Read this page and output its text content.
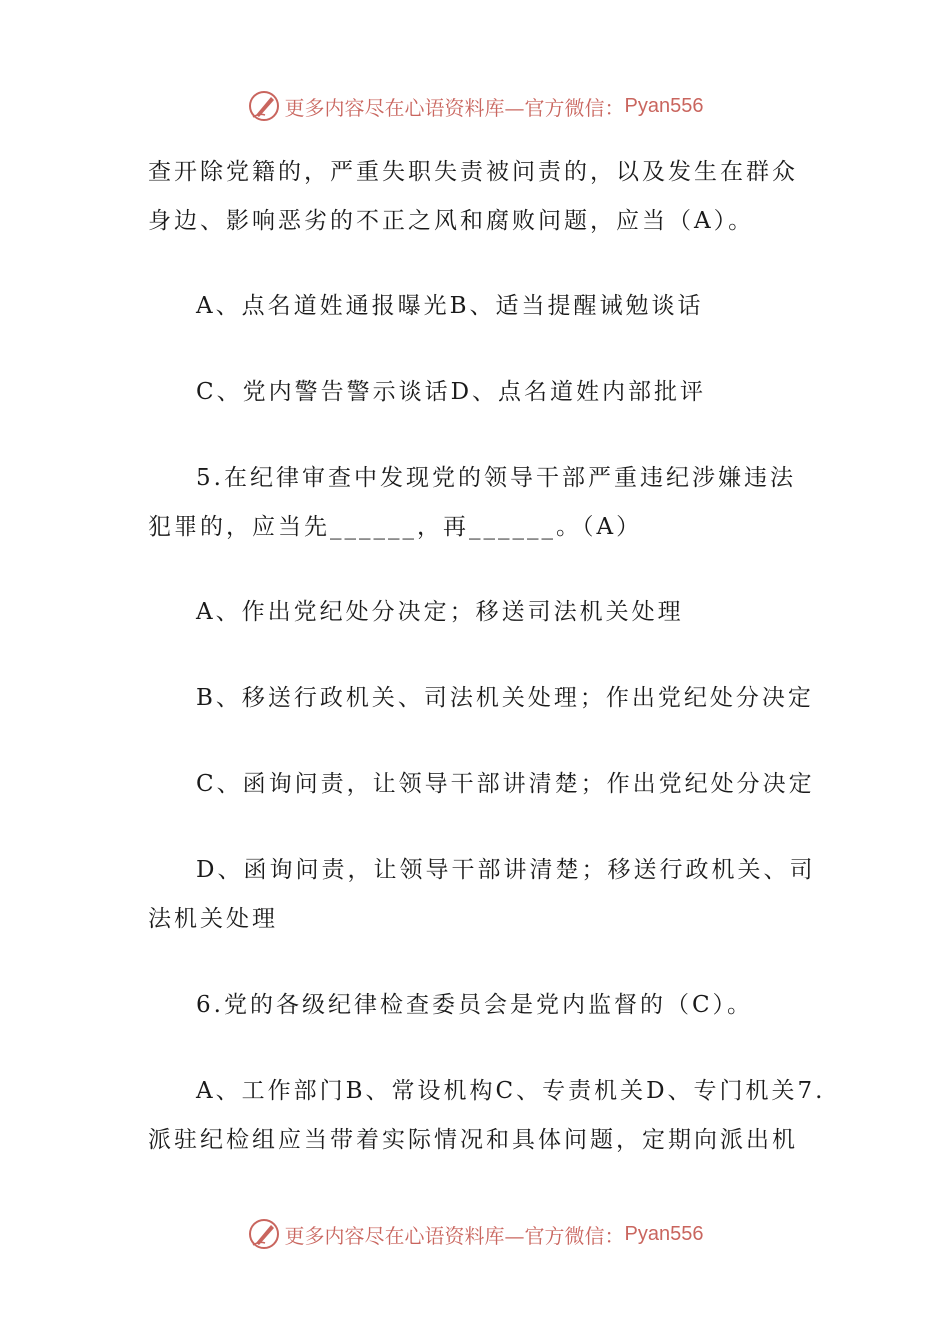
更多内容尽在心语资料库—官方微信： Pyan556
查开除党籍的，严重失职失责被问责的，以及发生在群众
身边、影响恶劣的不正之风和腐败问题，应当（A）。
A、点名道姓通报曝光B、适当提醒诫勉谈话
C、党内警告警示谈话D、点名道姓内部批评
5.在纪律审查中发现党的领导干部严重违纪涉嫌违法
犯罪的，应当先______，再______。（A）
A、作出党纪处分决定；移送司法机关处理
B、移送行政机关、司法机关处理；作出党纪处分决定
C、函询问责，让领导干部讲清楚；作出党纪处分决定
D、函询问责，让领导干部讲清楚；移送行政机关、司
法机关处理
6.党的各级纪律检查委员会是党内监督的（C）。
A、工作部门B、常设机构C、专责机关D、专门机关7.
派驻纪检组应当带着实际情况和具体问题，定期向派出机
更多内容尽在心语资料库—官方微信： Pyan556
